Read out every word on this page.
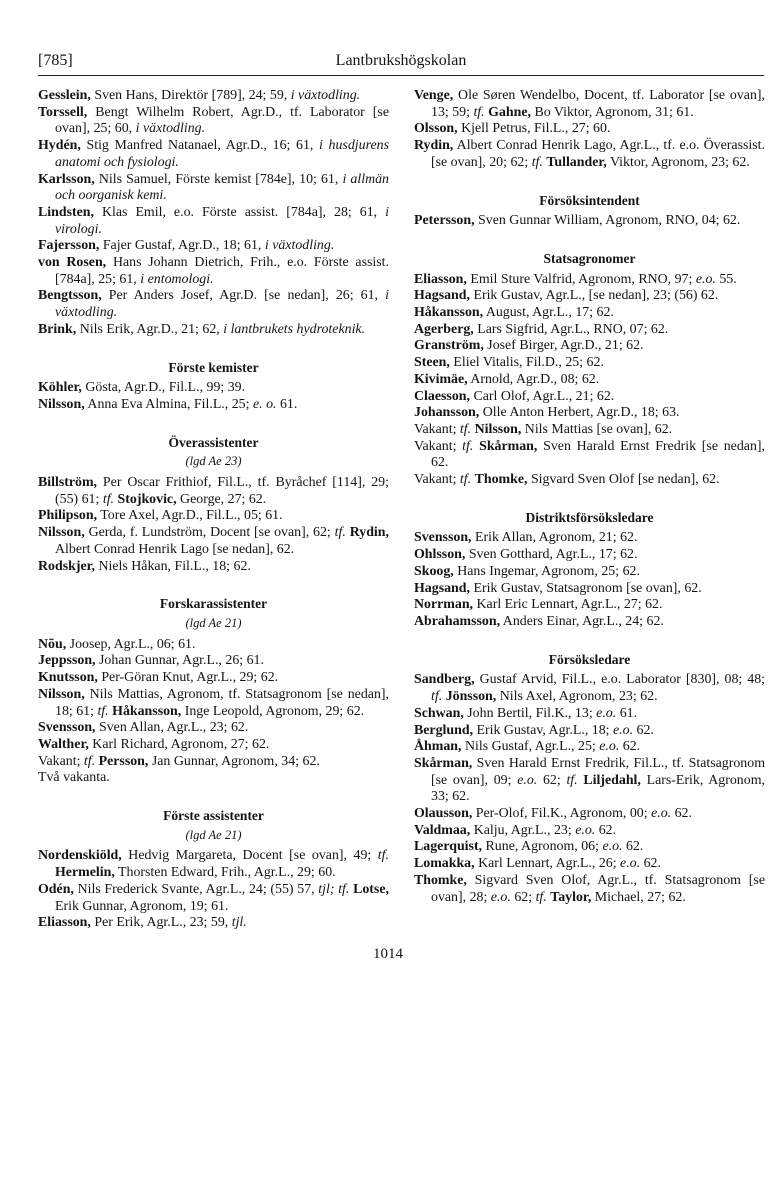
[785]	Lantbrukshögskolan

Gesslein, Sven Hans, Direktör [789], 24; 59, i växtodling.

Torssell, Bengt Wilhelm Robert, Agr.D., tf. Laborator [se ovan], 25; 60, i växtodling.

Hydén, Stig Manfred Natanael, Agr.D., 16; 61, i husdjurens anatomi och fysiologi.

Karlsson, Nils Samuel, Förste kemist [784e], 10; 61, i allmän och oorganisk kemi.

Lindsten, Klas Emil, e.o. Förste assist. [784a], 28; 61, i virologi.

Fajersson, Fajer Gustaf, Agr.D., 18; 61, i växtodling.

von Rosen, Hans Johann Dietrich, Frih., e.o. Förste assist. [784a], 25; 61, i entomologi.

Bengtsson, Per Anders Josef, Agr.D. [se nedan], 26; 61, i växtodling.

Brink, Nils Erik, Agr.D., 21; 62, i lantbrukets hydroteknik.

Förste kemister

Köhler, Gösta, Agr.D., Fil.L., 99; 39.

Nilsson, Anna Eva Almina, Fil.L., 25; e. o. 61.

Överassistenter
(lgd Ae 23)

Billström, Per Oscar Frithiof, Fil.L., tf. Byråchef [114], 29; (55) 61; tf. Stojkovic, George, 27; 62.

Philipson, Tore Axel, Agr.D., Fil.L., 05; 61.

Nilsson, Gerda, f. Lundström, Docent [se ovan], 62; tf. Rydin, Albert Conrad Henrik Lago [se nedan], 62.

Rodskjer, Niels Håkan, Fil.L., 18; 62.

Forskarassistenter
(lgd Ae 21)

Nõu, Joosep, Agr.L., 06; 61.

Jeppsson, Johan Gunnar, Agr.L., 26; 61.

Knutsson, Per-Göran Knut, Agr.L., 29; 62.

Nilsson, Nils Mattias, Agronom, tf. Statsagronom [se nedan], 18; 61; tf. Håkansson, Inge Leopold, Agronom, 29; 62.

Svensson, Sven Allan, Agr.L., 23; 62.

Walther, Karl Richard, Agronom, 27; 62.

Vakant; tf. Persson, Jan Gunnar, Agronom, 34; 62.

Två vakanta.

Förste assistenter
(lgd Ae 21)

Nordenskiöld, Hedvig Margareta, Docent [se ovan], 49; tf. Hermelin, Thorsten Edward, Frih., Agr.L., 29; 60.

Odén, Nils Frederick Svante, Agr.L., 24; (55) 57, tjl; tf. Lotse, Erik Gunnar, Agronom, 19; 61.

Eliasson, Per Erik, Agr.L., 23; 59, tjl.

Venge, Ole Søren Wendelbo, Docent, tf. Laborator [se ovan], 13; 59; tf. Gahne, Bo Viktor, Agronom, 31; 61.

Olsson, Kjell Petrus, Fil.L., 27; 60.

Rydin, Albert Conrad Henrik Lago, Agr.L., tf. e.o. Överassist. [se ovan], 20; 62; tf. Tullander, Viktor, Agronom, 23; 62.

Försöksintendent

Petersson, Sven Gunnar William, Agronom, RNO, 04; 62.

Statsagronomer

Eliasson, Emil Sture Valfrid, Agronom, RNO, 97; e.o. 55.

Hagsand, Erik Gustav, Agr.L., [se nedan], 23; (56) 62.

Håkansson, August, Agr.L., 17; 62.

Agerberg, Lars Sigfrid, Agr.L., RNO, 07; 62.

Granström, Josef Birger, Agr.D., 21; 62.

Steen, Eliel Vitalis, Fil.D., 25; 62.

Kivimäe, Arnold, Agr.D., 08; 62.

Claesson, Carl Olof, Agr.L., 21; 62.

Johansson, Olle Anton Herbert, Agr.D., 18; 63.

Vakant; tf. Nilsson, Nils Mattias [se ovan], 62.

Vakant; tf. Skårman, Sven Harald Ernst Fredrik [se nedan], 62.

Vakant; tf. Thomke, Sigvard Sven Olof [se nedan], 62.

Distriktsförsöksledare

Svensson, Erik Allan, Agronom, 21; 62.

Ohlsson, Sven Gotthard, Agr.L., 17; 62.

Skoog, Hans Ingemar, Agronom, 25; 62.

Hagsand, Erik Gustav, Statsagronom [se ovan], 62.

Norrman, Karl Eric Lennart, Agr.L., 27; 62.

Abrahamsson, Anders Einar, Agr.L., 24; 62.

Försöksledare

Sandberg, Gustaf Arvid, Fil.L., e.o. Laborator [830], 08; 48; tf. Jönsson, Nils Axel, Agronom, 23; 62.

Schwan, John Bertil, Fil.K., 13; e.o. 61.

Berglund, Erik Gustav, Agr.L., 18; e.o. 62.

Åhman, Nils Gustaf, Agr.L., 25; e.o. 62.

Skårman, Sven Harald Ernst Fredrik, Fil.L., tf. Statsagronom [se ovan], 09; e.o. 62; tf. Liljedahl, Lars-Erik, Agronom, 33; 62.

Olausson, Per-Olof, Fil.K., Agronom, 00; e.o. 62.

Valdmaa, Kalju, Agr.L., 23; e.o. 62.

Lagerquist, Rune, Agronom, 06; e.o. 62.

Lomakka, Karl Lennart, Agr.L., 26; e.o. 62.

Thomke, Sigvard Sven Olof, Agr.L., tf. Statsagronom [se ovan], 28; e.o. 62; tf. Taylor, Michael, 27; 62.

1014
